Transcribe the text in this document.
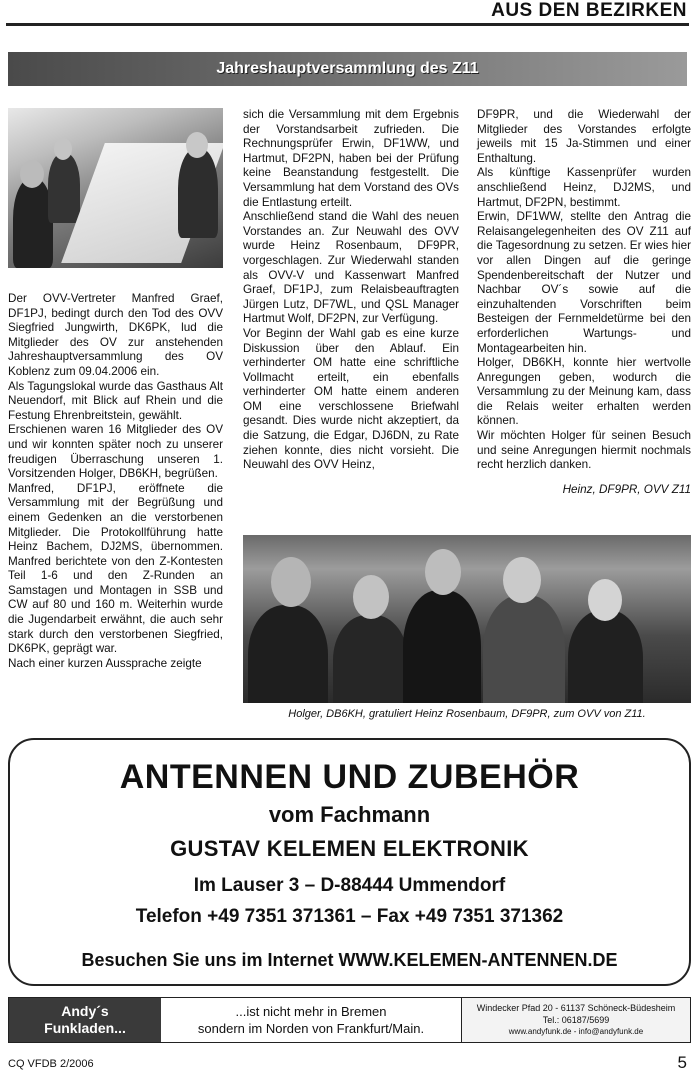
AUS DEN BEZIRKEN
Jahreshauptversammlung des Z11

Der OVV-Vertreter Manfred Graef, DF1PJ, bedingt durch den Tod des OVV Siegfried Jungwirth, DK6PK, lud die Mitglieder des OV zur anstehenden Jahreshauptversammlung des OV Koblenz zum 09.04.2006 ein.

Als Tagungslokal wurde das Gasthaus Alt Neuendorf, mit Blick auf Rhein und die Festung Ehrenbreitstein, gewählt.

Erschienen waren 16 Mitglieder des OV und wir konnten später noch zu unserer freudigen Überraschung unseren 1. Vorsitzenden Holger, DB6KH, begrüßen.

Manfred, DF1PJ, eröffnete die Versammlung mit der Begrüßung und einem Gedenken an die verstorbenen Mitglieder. Die Protokollführung hatte Heinz Bachem, DJ2MS, übernommen. Manfred berichtete von den Z-Kontesten Teil 1-6 und den Z-Runden an Samstagen und Montagen in SSB und CW auf 80 und 160 m. Weiterhin wurde die Jugendarbeit erwähnt, die auch sehr stark durch den verstorbenen Siegfried, DK6PK, geprägt war.

Nach einer kurzen Aussprache zeigte

sich die Versammlung mit dem Ergebnis der Vorstandsarbeit zufrieden. Die Rechnungsprüfer Erwin, DF1WW, und Hartmut, DF2PN, haben bei der Prüfung keine Beanstandung festgestellt. Die Versammlung hat dem Vorstand des OVs die Entlastung erteilt.

Anschließend stand die Wahl des neuen Vorstandes an. Zur Neuwahl des OVV wurde Heinz Rosenbaum, DF9PR, vorgeschlagen. Zur Wiederwahl standen als OVV-V und Kassenwart Manfred Graef, DF1PJ, zum Relaisbeauftragten Jürgen Lutz, DF7WL, und QSL Manager Hartmut Wolf, DF2PN, zur Verfügung.

Vor Beginn der Wahl gab es eine kurze Diskussion über den Ablauf. Ein verhinderter OM hatte eine schriftliche Vollmacht erteilt, ein ebenfalls verhinderter OM hatte einem anderen OM eine verschlossene Briefwahl gesandt. Dies wurde nicht akzeptiert, da die Satzung, die Edgar, DJ6DN, zu Rate ziehen konnte, dies nicht vorsieht. Die Neuwahl des OVV Heinz,

DF9PR, und die Wiederwahl der Mitglieder des Vorstandes erfolgte jeweils mit 15 Ja-Stimmen und einer Enthaltung.

Als künftige Kassenprüfer wurden anschließend Heinz, DJ2MS, und Hartmut, DF2PN, bestimmt.

Erwin, DF1WW, stellte den Antrag die Relaisangelegenheiten des OV Z11 auf die Tagesordnung zu setzen. Er wies hier vor allen Dingen auf die geringe Spendenbereitschaft der Nutzer und Nachbar OV´s sowie auf die einzuhaltenden Vorschriften beim Besteigen der Fernmeldetürme bei den erforderlichen Wartungs- und Montagearbeiten hin.

Holger, DB6KH, konnte hier wertvolle Anregungen geben, wodurch die Versammlung zu der Meinung kam, dass die Relais weiter erhalten werden können.

Wir möchten Holger für seinen Besuch und seine Anregungen hiermit nochmals recht herzlich danken.

Heinz, DF9PR, OVV Z11

Holger, DB6KH, gratuliert Heinz Rosenbaum, DF9PR, zum OVV von Z11.
ANTENNEN UND ZUBEHÖR
vom Fachmann
GUSTAV KELEMEN ELEKTRONIK
Im Lauser 3 – D-88444 Ummendorf
Telefon +49 7351 371361 – Fax +49 7351 371362
Besuchen Sie uns im Internet WWW.KELEMEN-ANTENNEN.DE
Andy´s
Funkladen...
...ist nicht mehr in Bremen
sondern im Norden von Frankfurt/Main.
Windecker Pfad 20 - 61137 Schöneck-Büdesheim
Tel.: 06187/5699
www.andyfunk.de - info@andyfunk.de
CQ VFDB 2/2006	5
